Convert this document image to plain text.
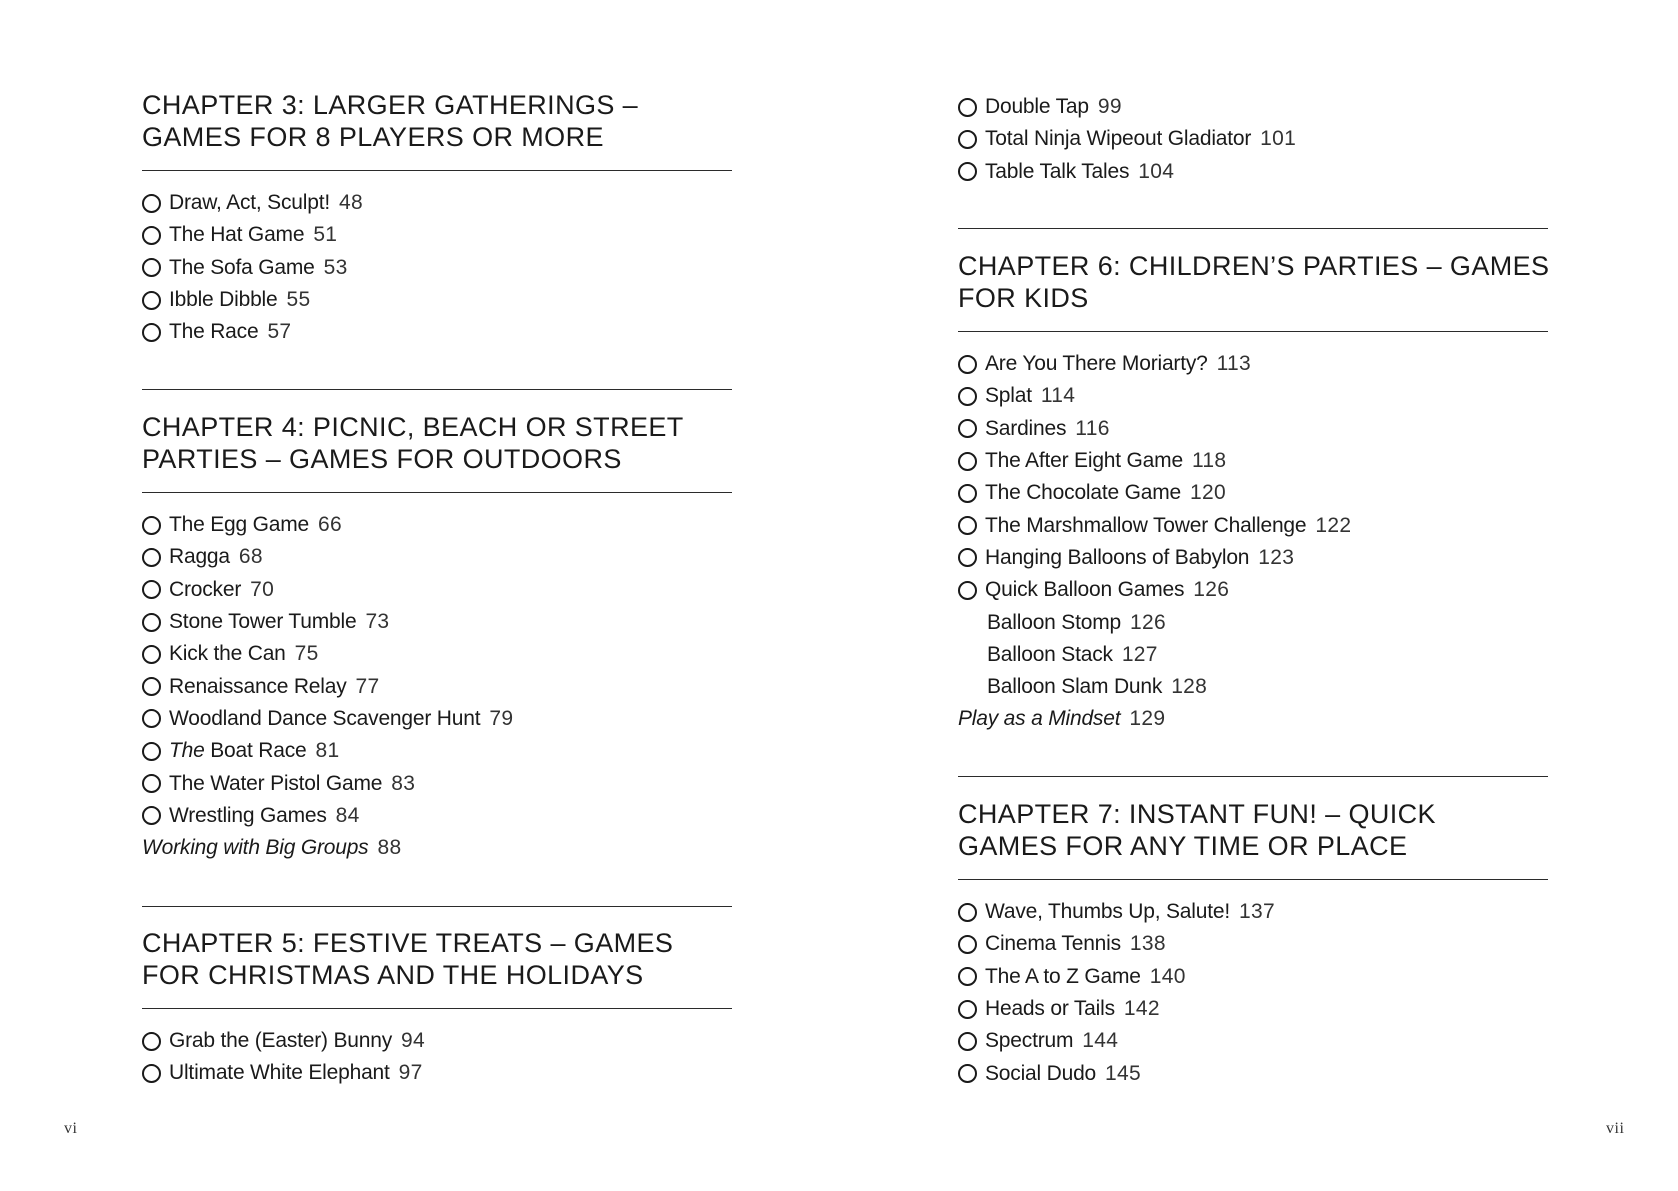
CHAPTER 3: LARGER GATHERINGS –
GAMES FOR 8 PLAYERS OR MORE
Draw, Act, Sculpt! 48
The Hat Game 51
The Sofa Game 53
Ibble Dibble 55
The Race 57
CHAPTER 4: PICNIC, BEACH OR STREET
PARTIES – GAMES FOR OUTDOORS
The Egg Game 66
Ragga 68
Crocker 70
Stone Tower Tumble 73
Kick the Can 75
Renaissance Relay 77
Woodland Dance Scavenger Hunt 79
The Boat Race 81
The Water Pistol Game 83
Wrestling Games 84
Working with Big Groups 88
CHAPTER 5: FESTIVE TREATS – GAMES
FOR CHRISTMAS AND THE HOLIDAYS
Grab the (Easter) Bunny 94
Ultimate White Elephant 97
Double Tap 99
Total Ninja Wipeout Gladiator 101
Table Talk Tales 104
CHAPTER 6: CHILDREN’S PARTIES – GAMES
FOR KIDS
Are You There Moriarty? 113
Splat 114
Sardines 116
The After Eight Game 118
The Chocolate Game 120
The Marshmallow Tower Challenge 122
Hanging Balloons of Babylon 123
Quick Balloon Games 126
Balloon Stomp 126
Balloon Stack 127
Balloon Slam Dunk 128
Play as a Mindset 129
CHAPTER 7: INSTANT FUN! – QUICK
GAMES FOR ANY TIME OR PLACE
Wave, Thumbs Up, Salute! 137
Cinema Tennis 138
The A to Z Game 140
Heads or Tails 142
Spectrum 144
Social Dudo 145
vi	vii
